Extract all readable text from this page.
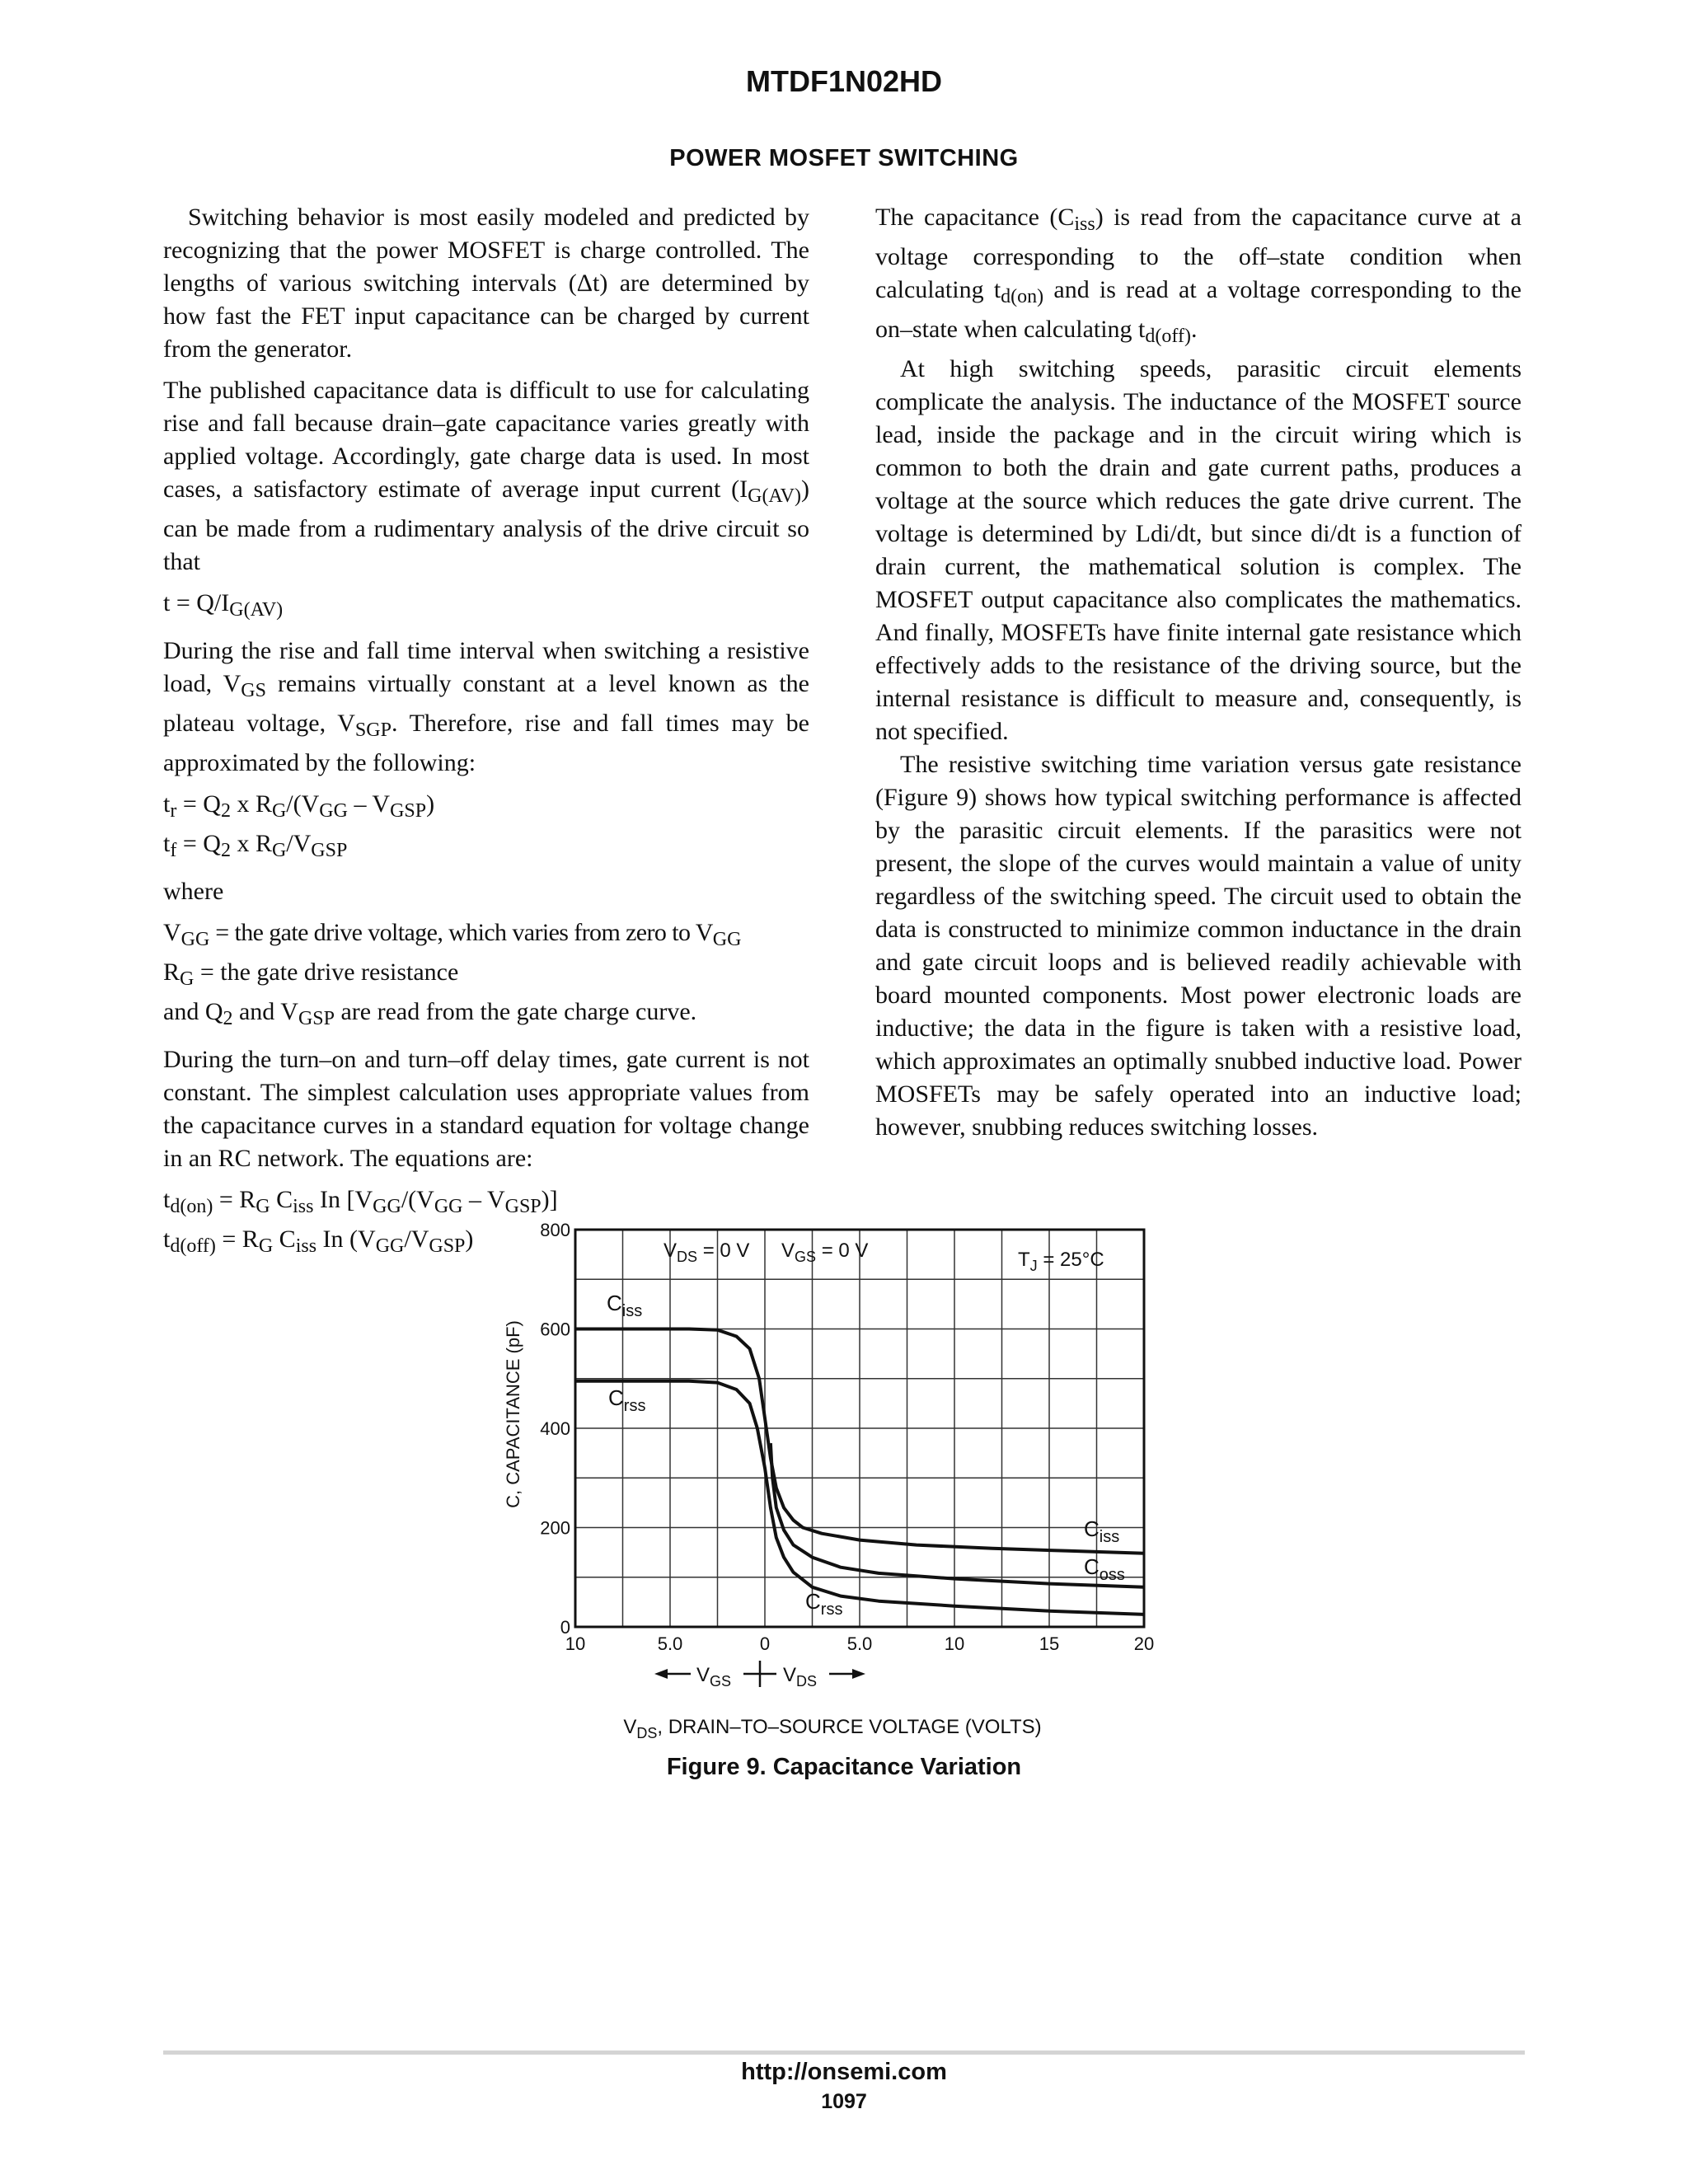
MTDF1N02HD
POWER MOSFET SWITCHING

Switching behavior is most easily modeled and predicted by recognizing that the power MOSFET is charge controlled. The lengths of various switching intervals (Δt) are determined by how fast the FET input capacitance can be charged by current from the generator.

The published capacitance data is difficult to use for calculating rise and fall because drain–gate capacitance varies greatly with applied voltage. Accordingly, gate charge data is used. In most cases, a satisfactory estimate of average input current $(I_{G(AV)})$ can be made from a rudimentary analysis of the drive circuit so that

$t = Q/I_{G(AV)}$

During the rise and fall time interval when switching a resistive load, $V_{GS}$ remains virtually constant at a level known as the plateau voltage, $V_{SGP}$. Therefore, rise and fall times may be approximated by the following:

$t_r = Q_2$ x $R_G/(V_{GG} - V_{GSP})$

$t_f = Q_2$ x $R_G/V_{GSP}$

where

$V_{GG}$ = the gate drive voltage, which varies from zero to $V_{GG}$

$R_G$ = the gate drive resistance

and $Q_2$ and $V_{GSP}$ are read from the gate charge curve.

During the turn–on and turn–off delay times, gate current is not constant. The simplest calculation uses appropriate values from the capacitance curves in a standard equation for voltage change in an RC network. The equations are:

$t_{d(on)} = R_G$ $C_{iss}$ In $[V_{GG}/(V_{GG} - V_{GSP})]$

$t_{d(off)} = R_G$ $C_{iss}$ In $(V_{GG}/V_{GSP})$

The capacitance $(C_{iss})$ is read from the capacitance curve at a voltage corresponding to the off–state condition when calculating $t_{d(on)}$ and is read at a voltage corresponding to the on–state when calculating $t_{d(off)}$.

At high switching speeds, parasitic circuit elements complicate the analysis. The inductance of the MOSFET source lead, inside the package and in the circuit wiring which is common to both the drain and gate current paths, produces a voltage at the source which reduces the gate drive current. The voltage is determined by Ldi/dt, but since di/dt is a function of drain current, the mathematical solution is complex. The MOSFET output capacitance also complicates the mathematics. And finally, MOSFETs have finite internal gate resistance which effectively adds to the resistance of the driving source, but the internal resistance is difficult to measure and, consequently, is not specified.

The resistive switching time variation versus gate resistance (Figure 9) shows how typical switching performance is affected by the parasitic circuit elements. If the parasitics were not present, the slope of the curves would maintain a value of unity regardless of the switching speed. The circuit used to obtain the data is constructed to minimize common inductance in the drain and gate circuit loops and is believed readily achievable with board mounted components. Most power electronic loads are inductive; the data in the figure is taken with a resistive load, which approximates an optimally snubbed inductive load. Power MOSFETs may be safely operated into an inductive load; however, snubbing reduces switching losses.

800
600
400
200
0
10	5.0	0	5.0	10	15	20
C, CAPACITANCE (pF)
$V_{DS} = 0$ V $V_{GS} = 0$ V	$T_J = 25^\circ C$
$C_{iss}$
$C_{rss}$
$C_{iss}$
$C_{oss}$
$C_{rss}$
$V_{GS}$	$V_{DS}$
$V_{DS}$, DRAIN–TO–SOURCE VOLTAGE (VOLTS)
Figure 9. Capacitance Variation
http://onsemi.com
1097
